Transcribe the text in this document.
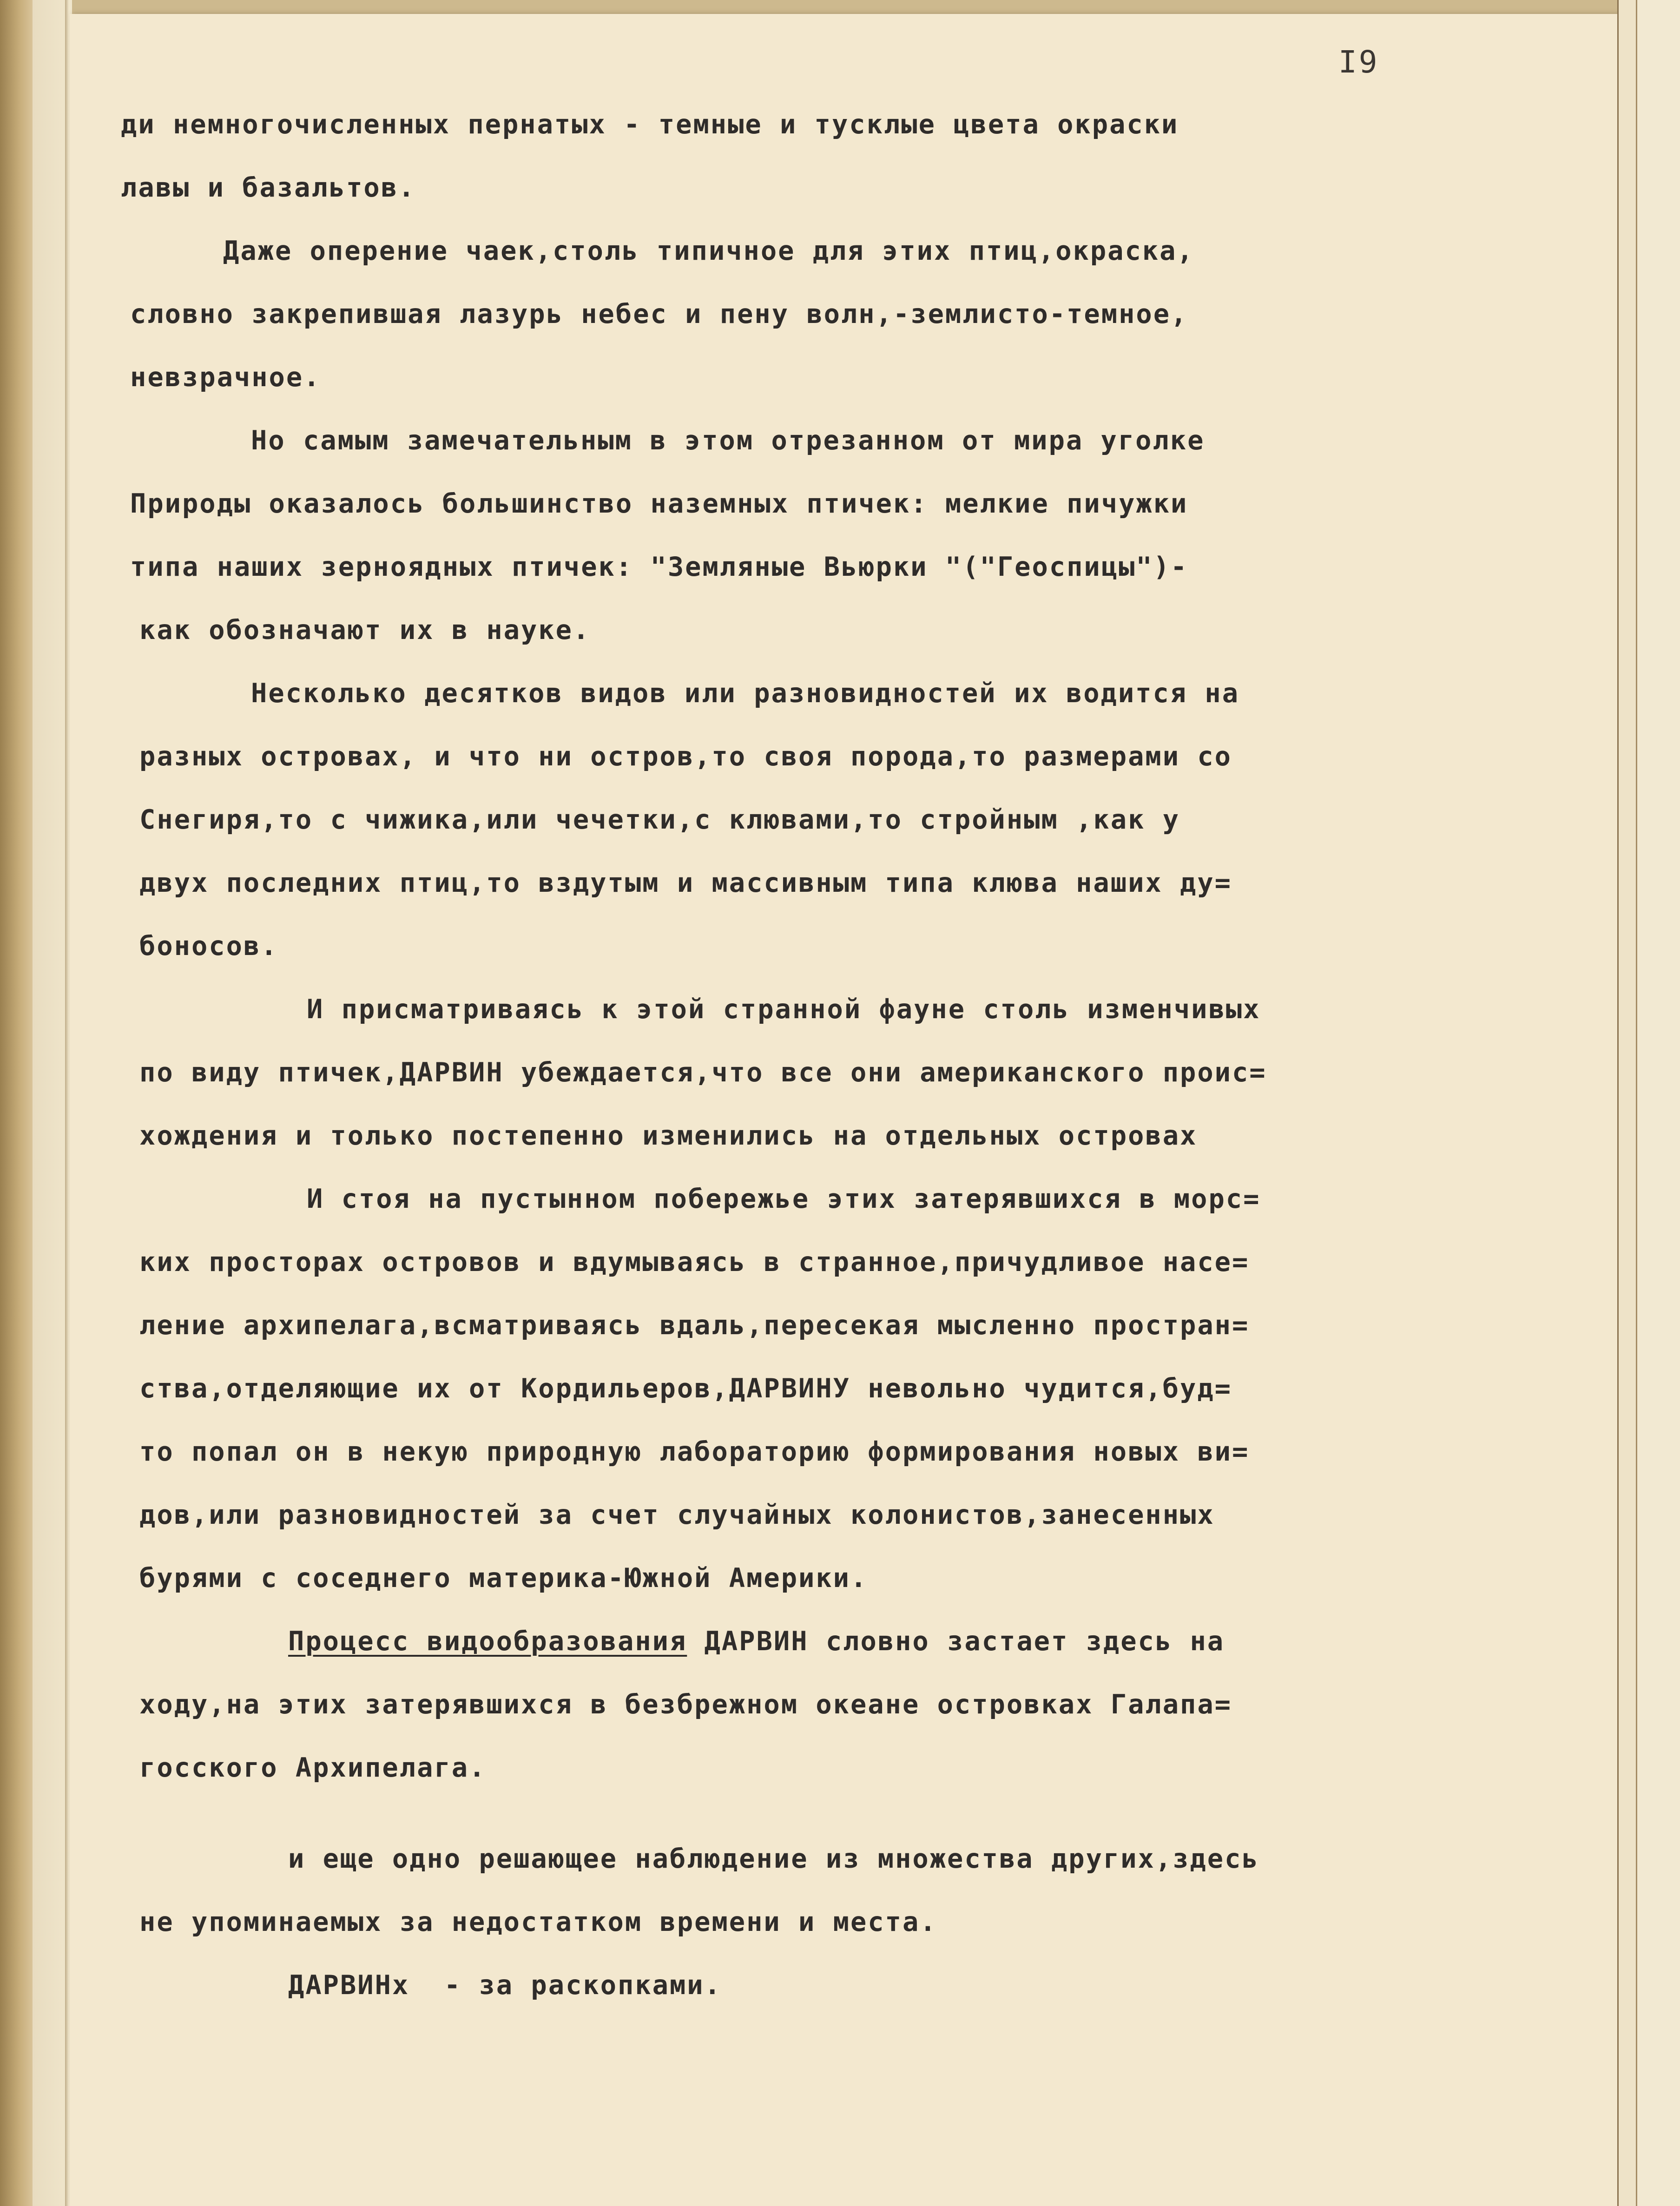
I9
ди немногочисленных пернатых - темные и тусклые цвета окраски
лавы и базальтов.
Даже оперение чаек,столь типичное для этих птиц,окраска,
словно закрепившая лазурь небес и пену волн,-землисто-темное,
невзрачное.
Но самым замечательным в этом отрезанном от мира уголке
Природы оказалось большинство наземных птичек: мелкие пичужки
типа наших зерноядных птичек: "Земляные Вьюрки "("Геоспицы")-
как обозначают их в науке.
Несколько десятков видов или разновидностей их водится на
разных островах, и что ни остров,то своя порода,то размерами со
Снегиря,то с чижика,или чечетки,с клювами,то стройным ,как у
двух последних птиц,то вздутым и массивным типа клюва наших ду=
боносов.
И присматриваясь к этой странной фауне столь изменчивых
по виду птичек,ДАРВИН убеждается,что все они американского проис=
хождения и только постепенно изменились на отдельных островах
И стоя на пустынном побережье этих затерявшихся в морс=
ких просторах островов и вдумываясь в странное,причудливое насе=
ление архипелага,всматриваясь вдаль,пересекая мысленно простран=
ства,отделяющие их от Кордильеров,ДАРВИНУ невольно чудится,буд=
то попал он в некую природную лабораторию формирования новых ви=
дов,или разновидностей за счет случайных колонистов,занесенных
бурями с соседнего материка-Южной Америки.
Процесс видообразования ДАРВИН словно застает здесь на
ходу,на этих затерявшихся в безбрежном океане островках Галапа=
госского Архипелага.
и еще одно решающее наблюдение из множества других,здесь
не упоминаемых за недостатком времени и места.
ДАРВИНх  - за раскопками.
